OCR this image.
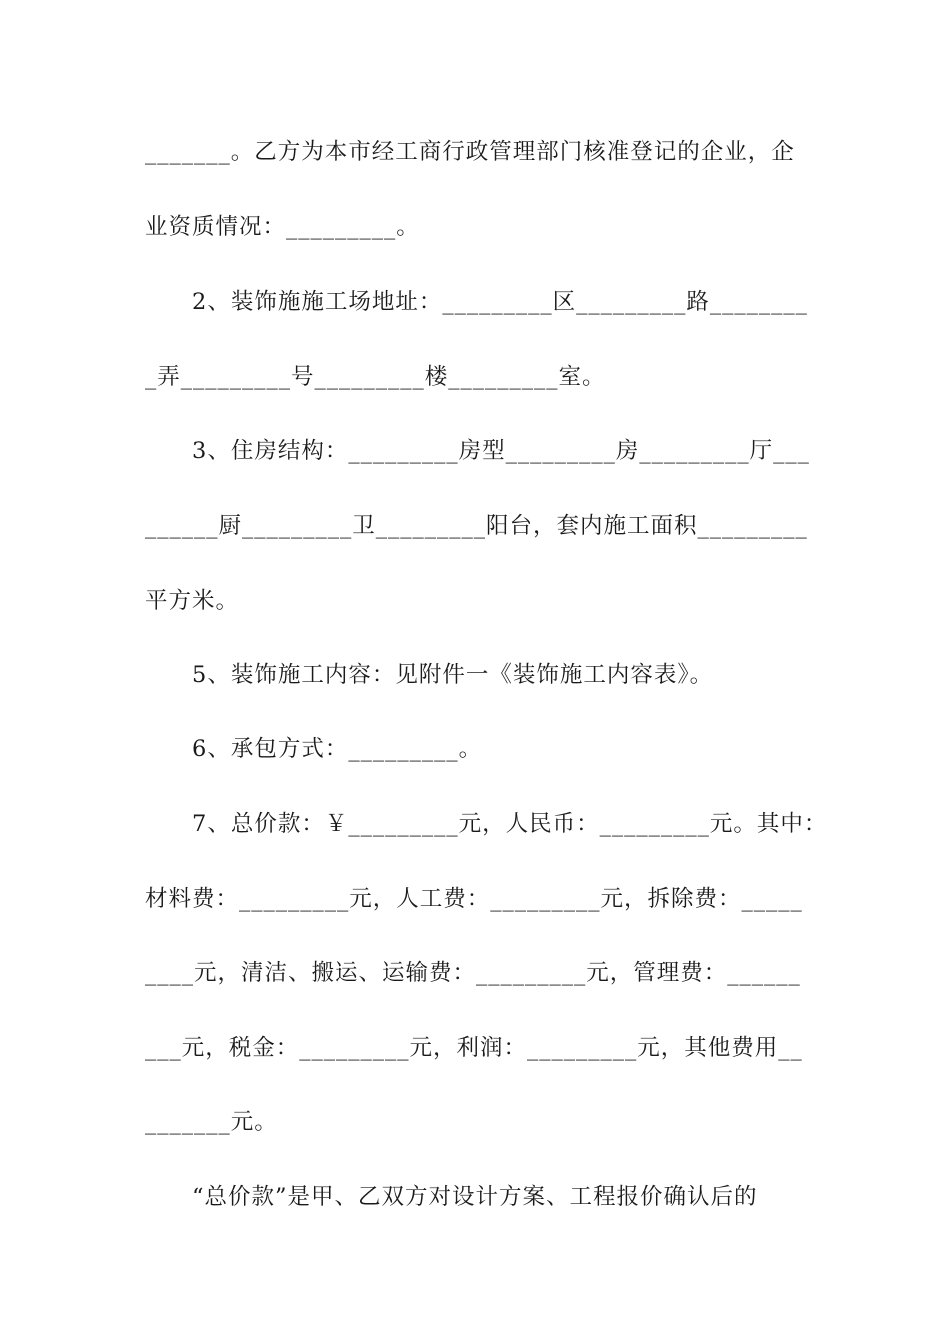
_______。乙方为本市经工商行政管理部门核准登记的企业，企
业资质情况：_________。
　　2、装饰施施工场地址：_________区_________路________
_弄_________号_________楼_________室。
　　3、住房结构：_________房型_________房_________厅___
______厨_________卫_________阳台，套内施工面积_________
平方米。
　　5、装饰施工内容：见附件一《装饰施工内容表》。
　　6、承包方式：_________。
　　7、总价款：￥_________元，人民币：_________元。其中：
材料费：_________元，人工费：_________元，拆除费：_____
____元，清洁、搬运、运输费：_________元，管理费：______
___元，税金：_________元，利润：_________元，其他费用__
_______元。
　　“总价款”是甲、乙双方对设计方案、工程报价确认后的
